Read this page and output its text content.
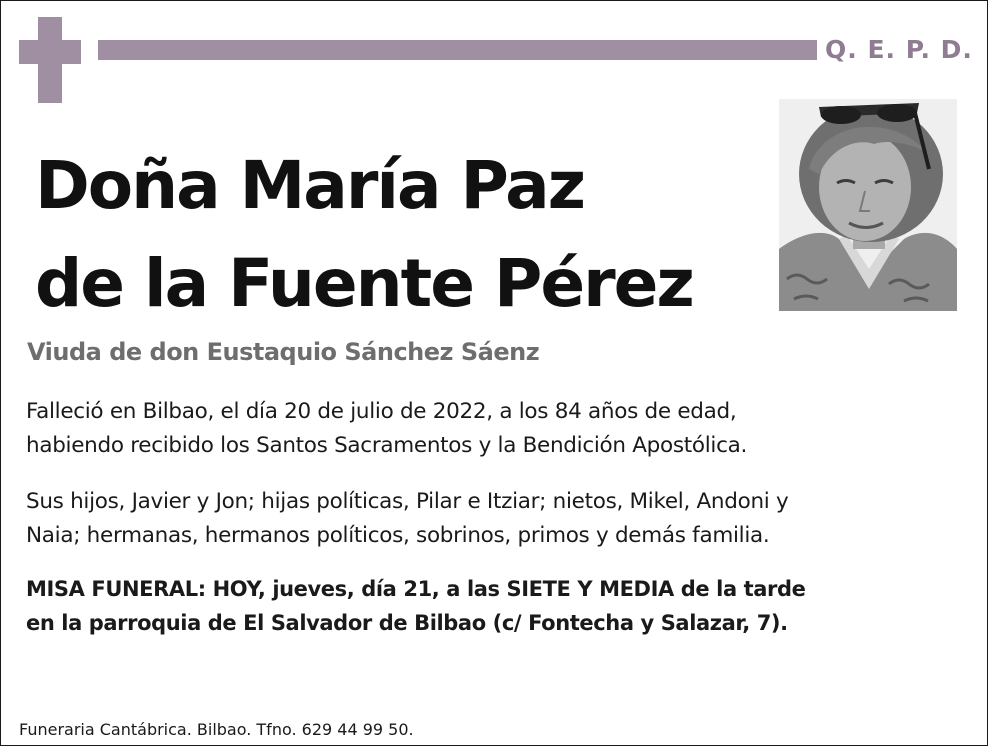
Q. E. P. D.
Doña María Paz
de la Fuente Pérez
Viuda de don Eustaquio Sánchez Sáenz
Falleció en Bilbao, el día 20 de julio de 2022, a los 84 años de edad,
habiendo recibido los Santos Sacramentos y la Bendición Apostólica.
Sus hijos, Javier y Jon; hijas políticas, Pilar e Itziar; nietos, Mikel, Andoni y
Naia; hermanas, hermanos políticos, sobrinos, primos y demás familia.
MISA FUNERAL: HOY, jueves, día 21, a las SIETE Y MEDIA de la tarde
en la parroquia de El Salvador de Bilbao (c/ Fontecha y Salazar, 7).
Funeraria Cantábrica. Bilbao. Tfno. 629 44 99 50.
